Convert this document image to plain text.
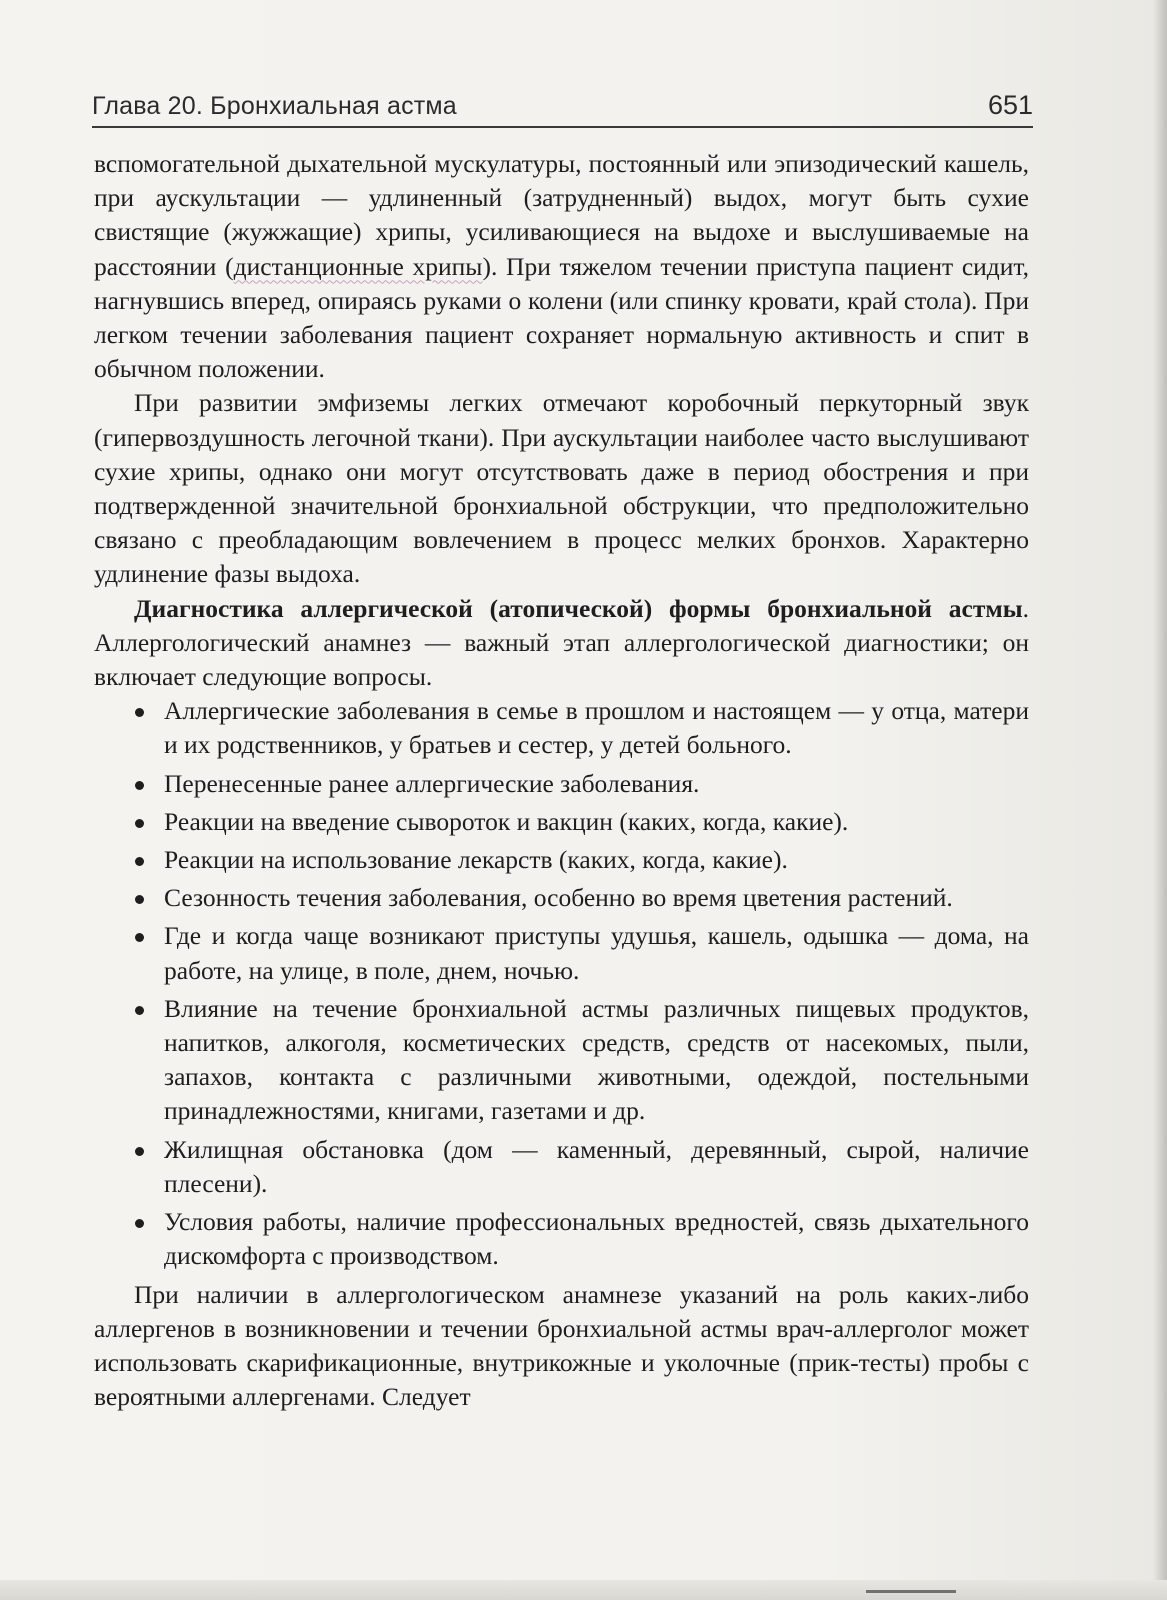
Глава 20. Бронхиальная астма	651

вспомогательной дыхательной мускулатуры, постоянный или эпизодический кашель, при аускультации — удлиненный (затрудненный) выдох, могут быть сухие свистящие (жужжащие) хрипы, усиливающиеся на выдохе и выслушиваемые на расстоянии (дистанционные хрипы). При тяжелом течении приступа пациент сидит, нагнувшись вперед, опираясь руками о колени (или спинку кровати, край стола). При легком течении заболевания пациент сохраняет нормальную активность и спит в обычном положении.

При развитии эмфиземы легких отмечают коробочный перкуторный звук (гипервоздушность легочной ткани). При аускультации наиболее часто выслушивают сухие хрипы, однако они могут отсутствовать даже в период обострения и при подтвержденной значительной бронхиальной обструкции, что предположительно связано с преобладающим вовлечением в процесс мелких бронхов. Характерно удлинение фазы выдоха.

Диагностика аллергической (атопической) формы бронхиальной астмы. Аллергологический анамнез — важный этап аллергологической диагностики; он включает следующие вопросы.

Аллергические заболевания в семье в прошлом и настоящем — у отца, матери и их родственников, у братьев и сестер, у детей больного.
Перенесенные ранее аллергические заболевания.
Реакции на введение сывороток и вакцин (каких, когда, какие).
Реакции на использование лекарств (каких, когда, какие).
Сезонность течения заболевания, особенно во время цветения растений.
Где и когда чаще возникают приступы удушья, кашель, одышка — дома, на работе, на улице, в поле, днем, ночью.
Влияние на течение бронхиальной астмы различных пищевых продуктов, напитков, алкоголя, косметических средств, средств от насекомых, пыли, запахов, контакта с различными животными, одеждой, постельными принадлежностями, книгами, газетами и др.
Жилищная обстановка (дом — каменный, деревянный, сырой, наличие плесени).
Условия работы, наличие профессиональных вредностей, связь дыхательного дискомфорта с производством.

При наличии в аллергологическом анамнезе указаний на роль каких-либо аллергенов в возникновении и течении бронхиальной астмы врач-аллерголог может использовать скарификационные, внутрикожные и уколочные (прик-тесты) пробы с вероятными аллергенами. Следует
